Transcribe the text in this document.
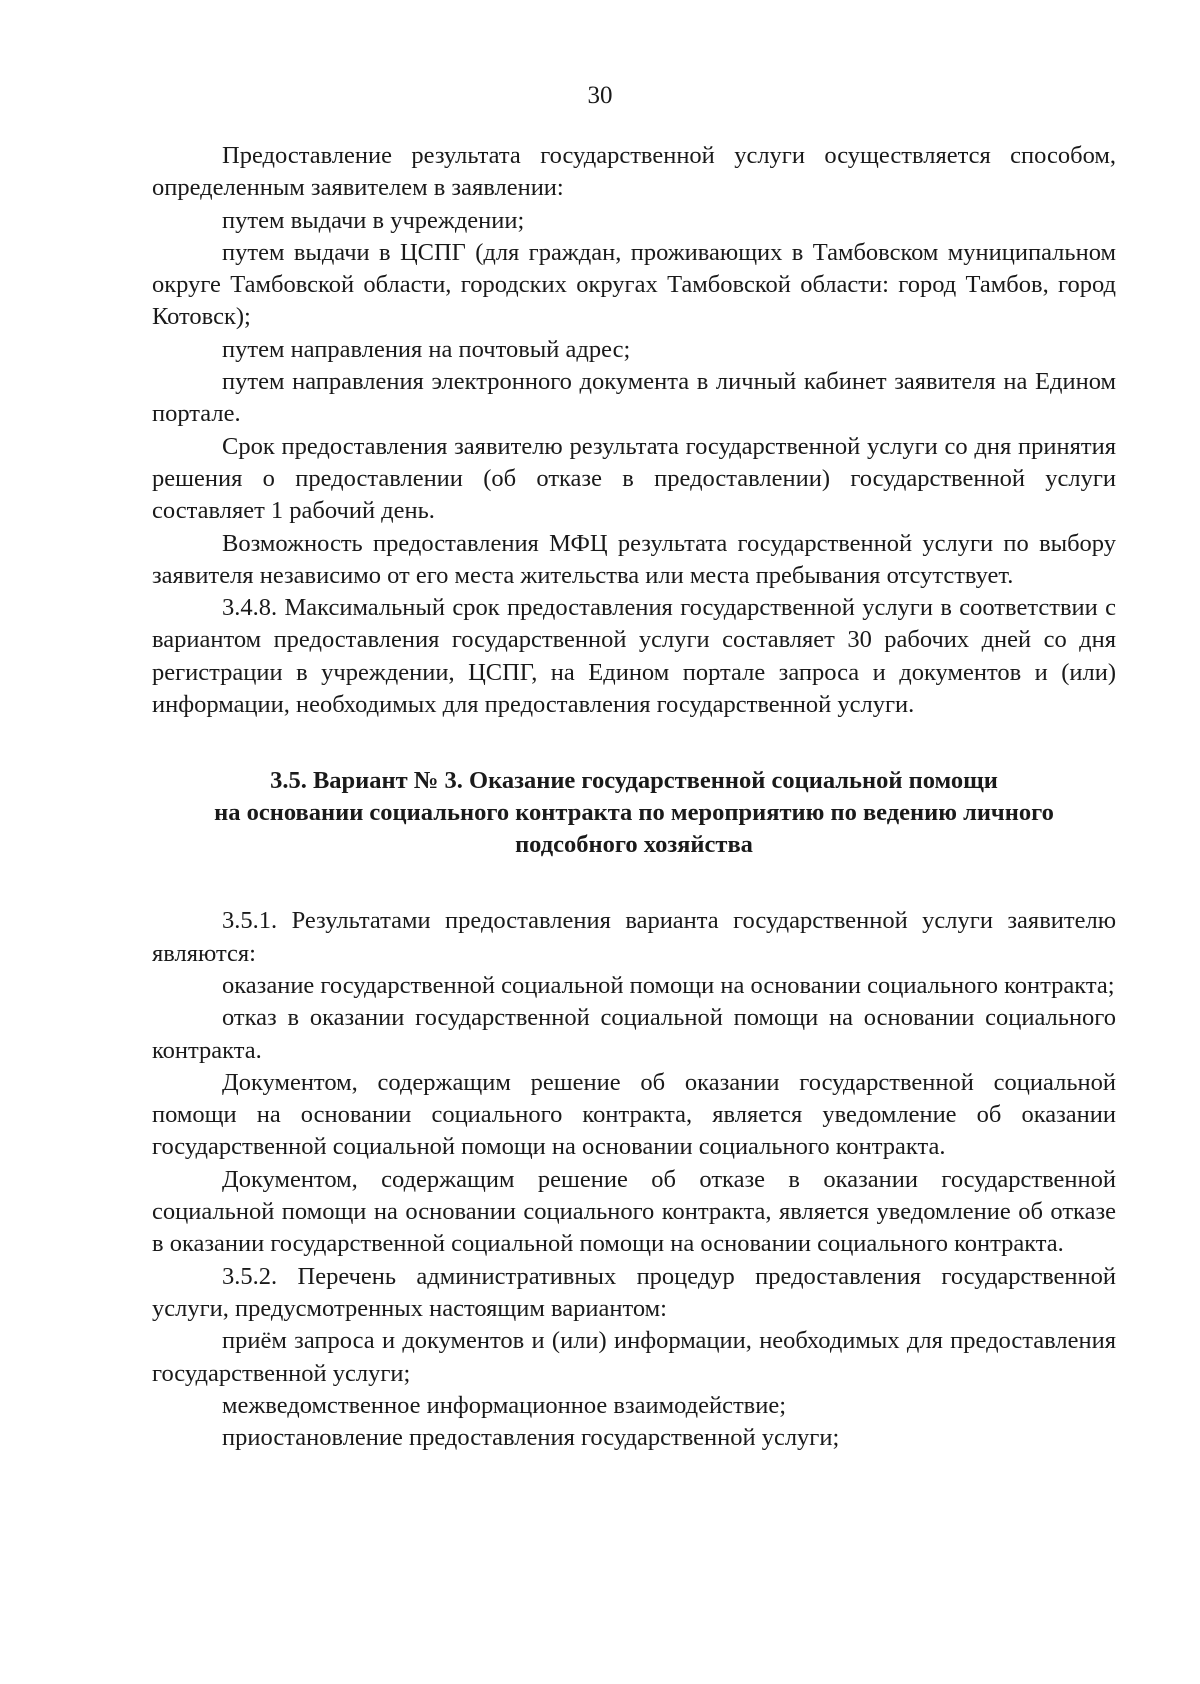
30

Предоставление результата государственной услуги осуществляется способом, определенным заявителем в заявлении:

путем выдачи в учреждении;

путем выдачи в ЦСПГ (для граждан, проживающих в Тамбовском муниципальном округе Тамбовской области, городских округах Тамбовской области: город Тамбов, город Котовск);

путем направления на почтовый адрес;

путем направления электронного документа в личный кабинет заявителя на Едином портале.

Срок предоставления заявителю результата государственной услуги со дня принятия решения о предоставлении (об отказе в предоставлении) государственной услуги составляет 1 рабочий день.

Возможность предоставления МФЦ результата государственной услуги по выбору заявителя независимо от его места жительства или места пребывания отсутствует.

3.4.8. Максимальный срок предоставления государственной услуги в соответствии с вариантом предоставления государственной услуги составляет 30 рабочих дней со дня регистрации в учреждении, ЦСПГ, на Едином портале запроса и документов и (или) информации, необходимых для предоставления государственной услуги.

3.5. Вариант № 3. Оказание государственной социальной помощи
на основании социального контракта по мероприятию по ведению личного
подсобного хозяйства

3.5.1. Результатами предоставления варианта государственной услуги заявителю являются:

оказание государственной социальной помощи на основании социального контракта;

отказ в оказании государственной социальной помощи на основании социального контракта.

Документом, содержащим решение об оказании государственной социальной помощи на основании социального контракта, является уведомление об оказании государственной социальной помощи на основании социального контракта.

Документом, содержащим решение об отказе в оказании государственной социальной помощи на основании социального контракта, является уведомление об отказе в оказании государственной социальной помощи на основании социального контракта.

3.5.2. Перечень административных процедур предоставления государственной услуги, предусмотренных настоящим вариантом:

приём запроса и документов и (или) информации, необходимых для предоставления государственной услуги;

межведомственное информационное взаимодействие;

приостановление предоставления государственной услуги;
